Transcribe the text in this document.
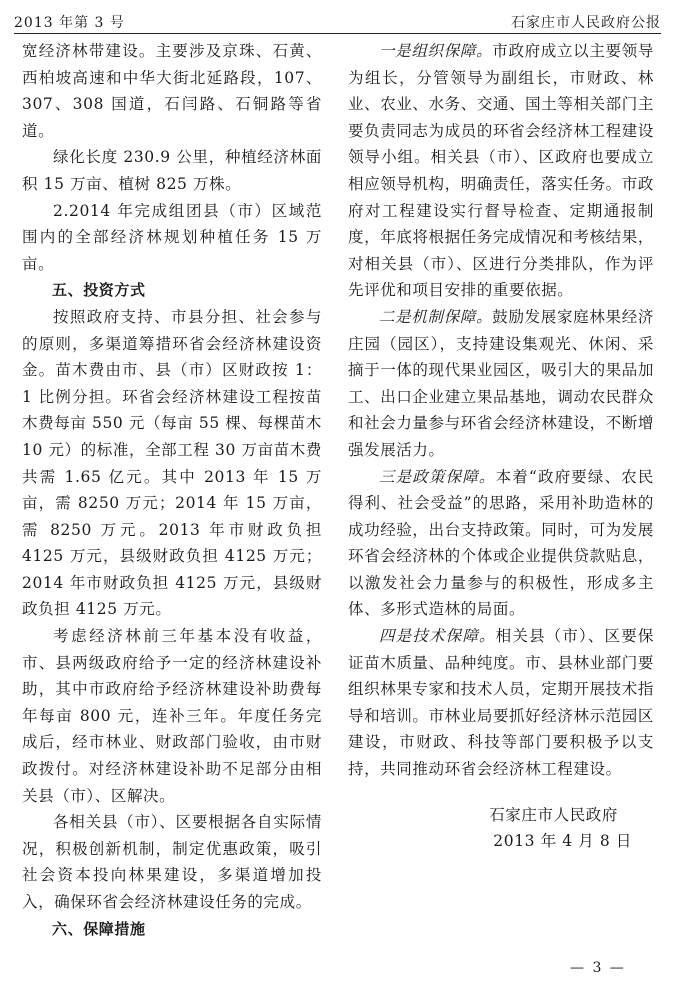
2013 年第 3 号	石家庄市人民政府公报

宽经济林带建设。主要涉及京珠、石黄、西柏坡高速和中华大街北延路段，107、307、308 国道，石闫路、石铜路等省道。

绿化长度 230.9 公里，种植经济林面积 15 万亩、植树 825 万株。

2.2014 年完成组团县（市）区域范围内的全部经济林规划种植任务 15 万亩。

五、投资方式

按照政府支持、市县分担、社会参与的原则，多渠道筹措环省会经济林建设资金。苗木费由市、县（市）区财政按 1：1 比例分担。环省会经济林建设工程按苗木费每亩 550 元（每亩 55 棵、每棵苗木 10 元）的标准，全部工程 30 万亩苗木费共需 1.65 亿元。其中 2013 年 15 万亩，需 8250 万元；2014 年 15 万亩，需 8250 万元。2013 年市财政负担 4125 万元，县级财政负担 4125 万元；2014 年市财政负担 4125 万元，县级财政负担 4125 万元。

考虑经济林前三年基本没有收益，市、县两级政府给予一定的经济林建设补助，其中市政府给予经济林建设补助费每年每亩 800 元，连补三年。年度任务完成后，经市林业、财政部门验收，由市财政拨付。对经济林建设补助不足部分由相关县（市）、区解决。

各相关县（市）、区要根据各自实际情况，积极创新机制，制定优惠政策，吸引社会资本投向林果建设，多渠道增加投入，确保环省会经济林建设任务的完成。

六、保障措施

一是组织保障。市政府成立以主要领导为组长，分管领导为副组长，市财政、林业、农业、水务、交通、国土等相关部门主要负责同志为成员的环省会经济林工程建设领导小组。相关县（市）、区政府也要成立相应领导机构，明确责任，落实任务。市政府对工程建设实行督导检查、定期通报制度，年底将根据任务完成情况和考核结果，对相关县（市）、区进行分类排队，作为评先评优和项目安排的重要依据。

二是机制保障。鼓励发展家庭林果经济庄园（园区），支持建设集观光、休闲、采摘于一体的现代果业园区，吸引大的果品加工、出口企业建立果品基地，调动农民群众和社会力量参与环省会经济林建设，不断增强发展活力。

三是政策保障。本着“政府要绿、农民得利、社会受益”的思路，采用补助造林的成功经验，出台支持政策。同时，可为发展环省会经济林的个体或企业提供贷款贴息，以激发社会力量参与的积极性，形成多主体、多形式造林的局面。

四是技术保障。相关县（市）、区要保证苗木质量、品种纯度。市、县林业部门要组织林果专家和技术人员，定期开展技术指导和培训。市林业局要抓好经济林示范园区建设，市财政、科技等部门要积极予以支持，共同推动环省会经济林工程建设。

石家庄市人民政府

2013 年 4 月 8 日

— 3 —
